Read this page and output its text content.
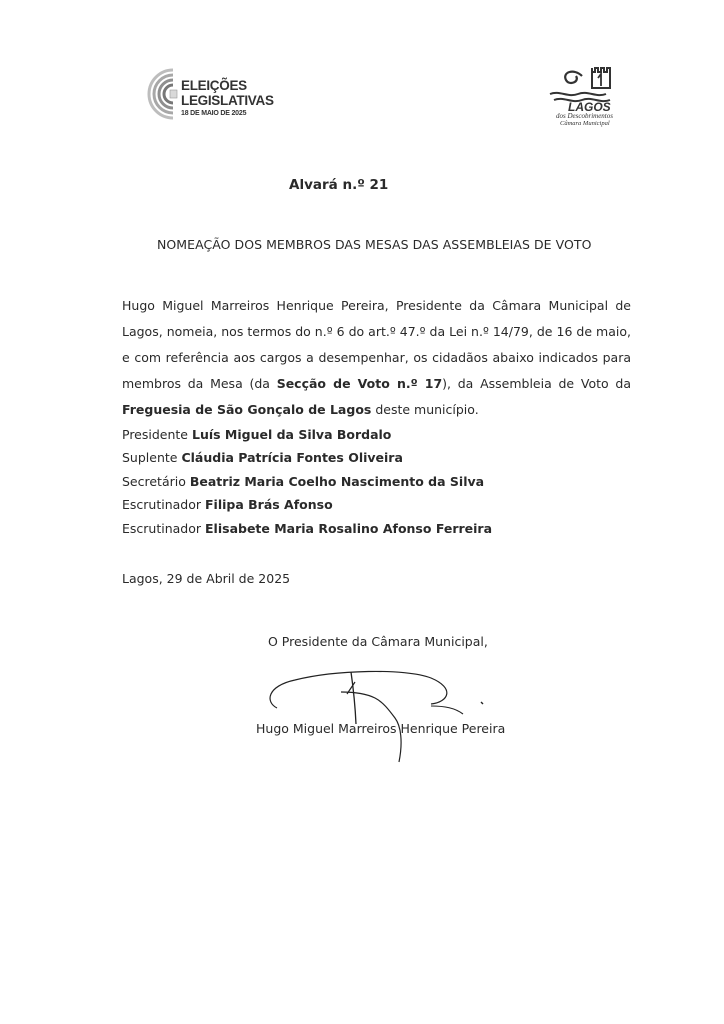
ELEIÇÕES
LEGISLATIVAS
18 DE MAIO DE 2025	LAGOS
dos Descobrimentos
Câmara Municipal
Alvará n.º 21
NOMEAÇÃO DOS MEMBROS DAS MESAS DAS ASSEMBLEIAS DE VOTO
Hugo Miguel Marreiros Henrique Pereira, Presidente da Câmara Municipal de Lagos, nomeia, nos termos do n.º 6 do art.º 47.º da Lei n.º 14/79, de 16 de maio, e com referência aos cargos a desempenhar, os cidadãos abaixo indicados para membros da Mesa (da Secção de Voto n.º 17), da Assembleia de Voto da Freguesia de São Gonçalo de Lagos deste município.
Presidente Luís Miguel da Silva Bordalo
Suplente Cláudia Patrícia Fontes Oliveira
Secretário Beatriz Maria Coelho Nascimento da Silva
Escrutinador Filipa Brás Afonso
Escrutinador Elisabete Maria Rosalino Afonso Ferreira
Lagos, 29 de Abril de 2025
O Presidente da Câmara Municipal,
Hugo Miguel Marreiros Henrique Pereira
